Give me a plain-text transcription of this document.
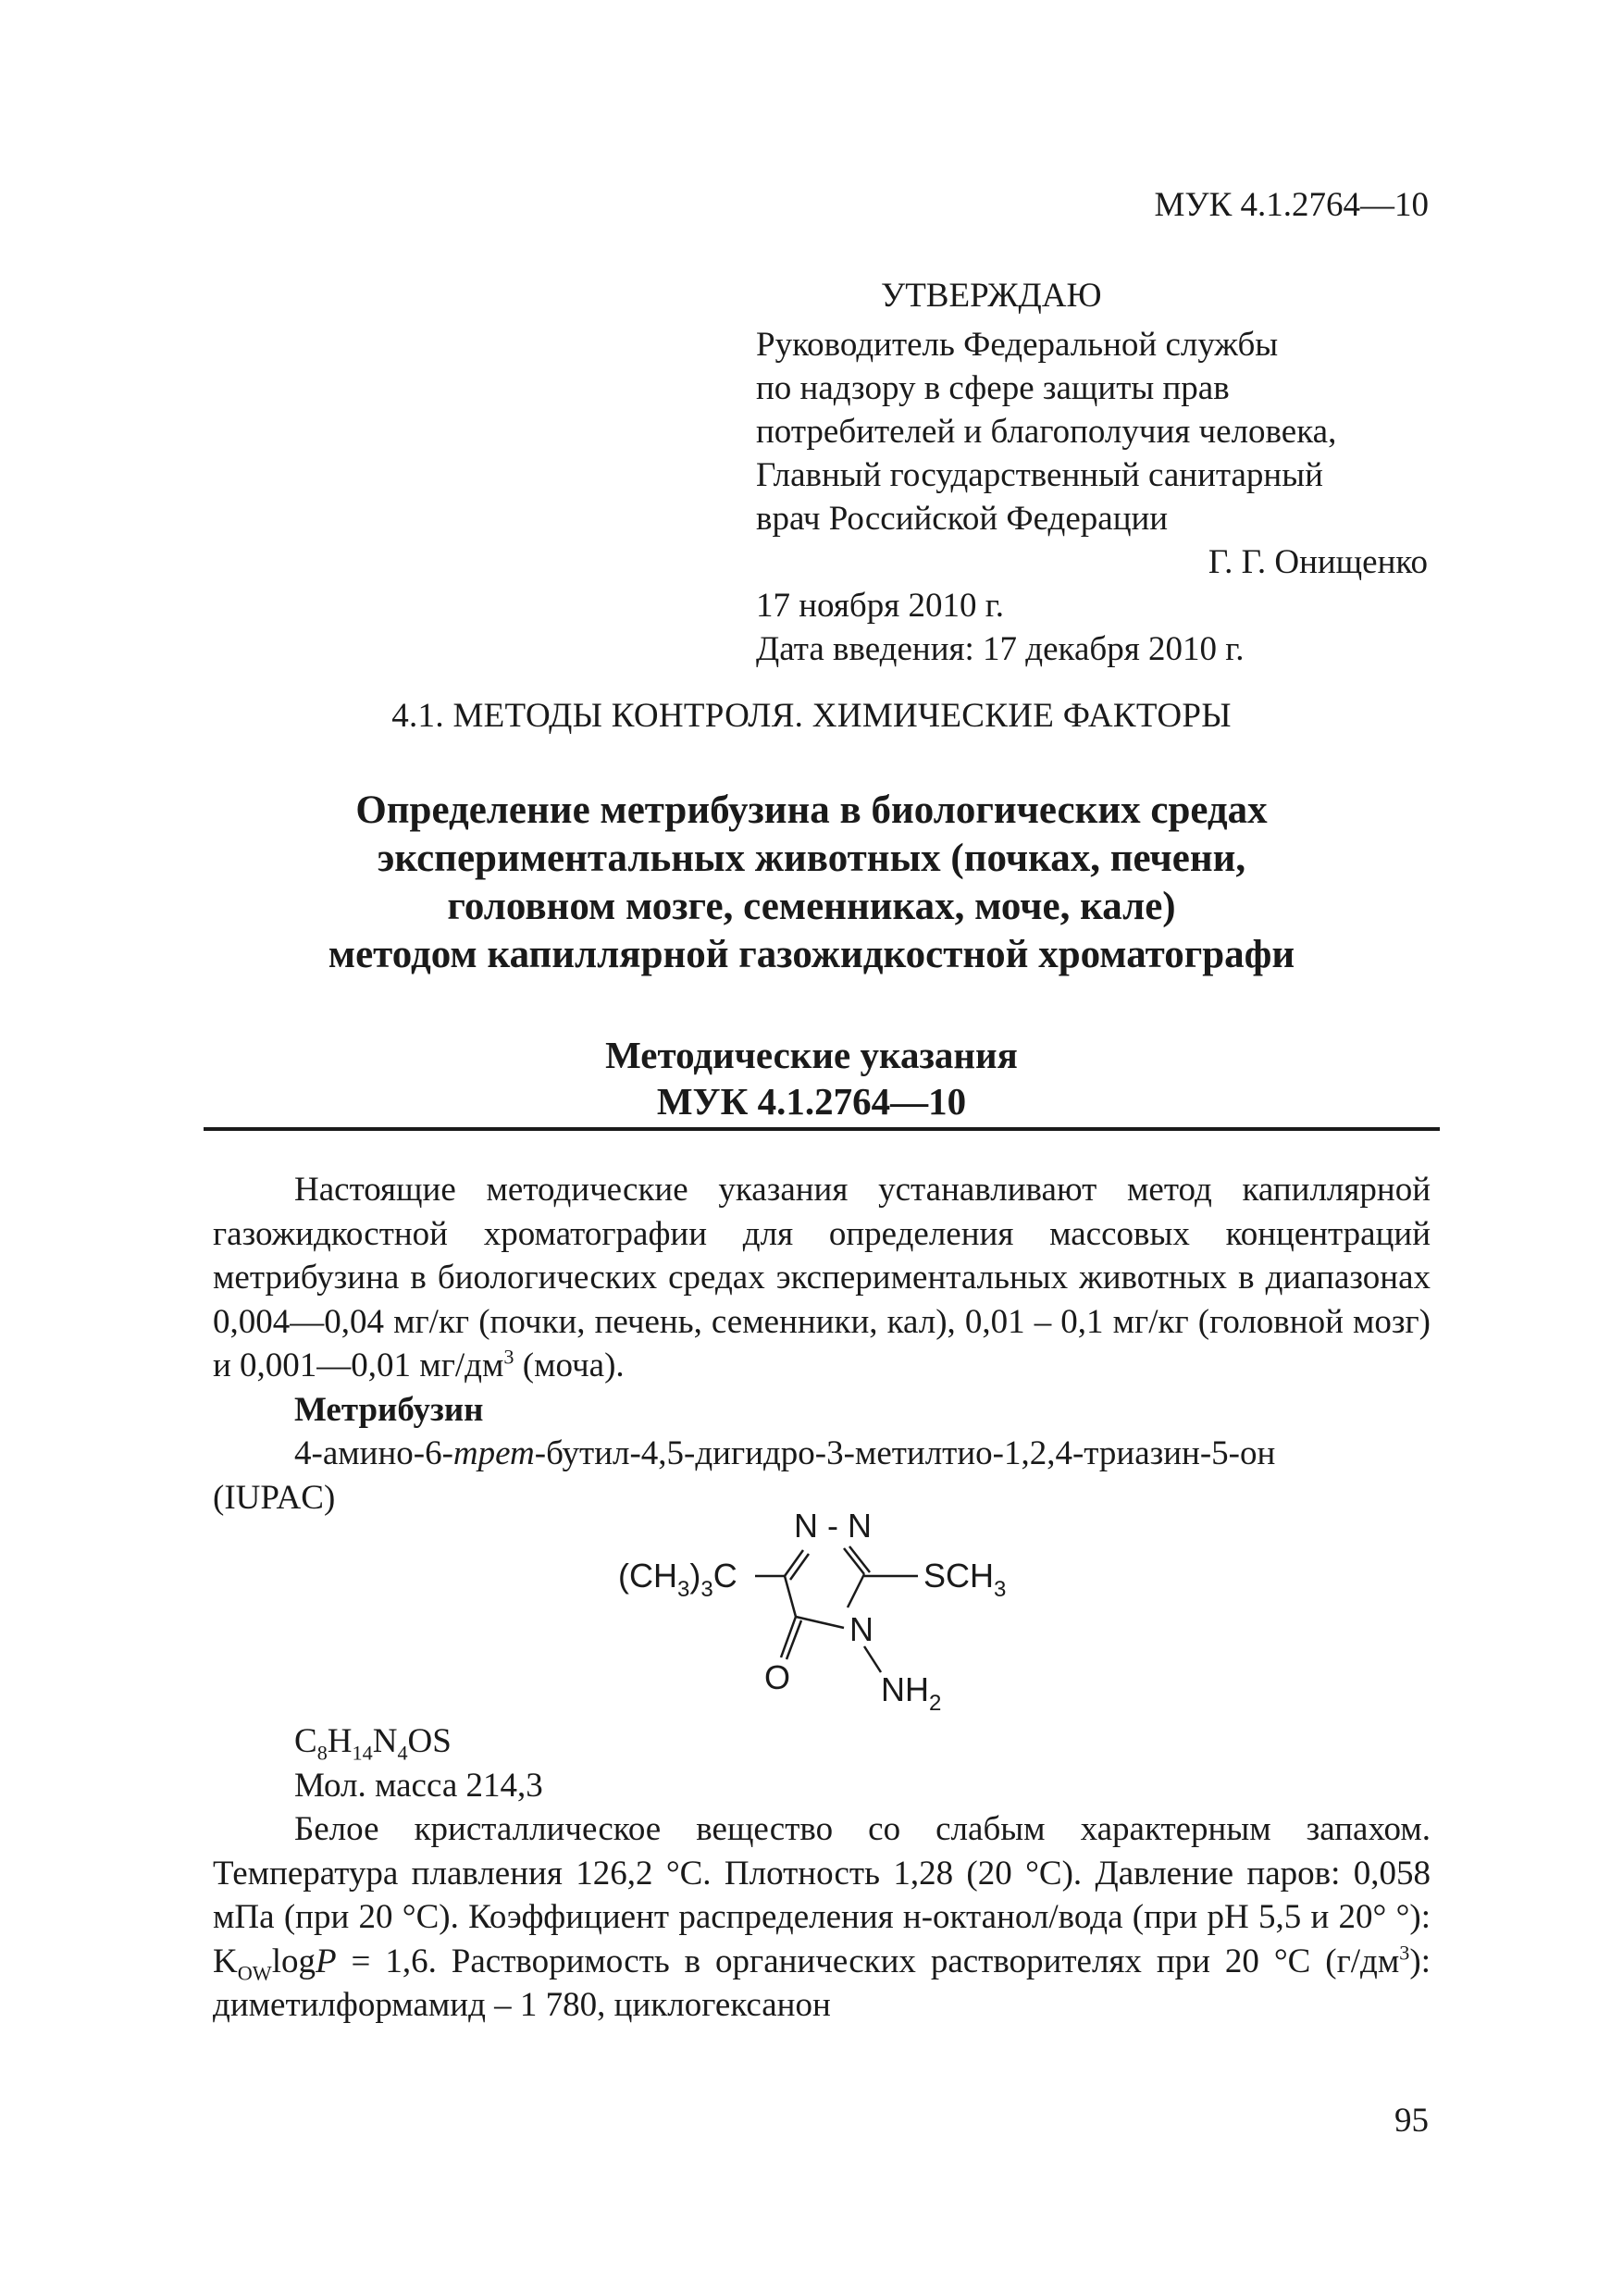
МУК 4.1.2764—10
УТВЕРЖДАЮ
Руководитель Федеральной службы
по надзору в сфере защиты прав
потребителей и благополучия человека,
Главный государственный санитарный
врач Российской Федерации
Г. Г. Онищенко
17 ноября 2010 г.
Дата введения: 17 декабря 2010 г.
4.1. МЕТОДЫ КОНТРОЛЯ. ХИМИЧЕСКИЕ ФАКТОРЫ
Определение метрибузина в биологических средах
экспериментальных животных (почках, печени,
головном мозге, семенниках, моче, кале)
методом капиллярной газожидкостной хроматографи
Методические указания
МУК 4.1.2764—10

Настоящие методические указания устанавливают метод капиллярной газожидкостной хроматографии для определения массовых концентраций метрибузина в биологических средах экспериментальных животных в диапазонах 0,004—0,04 мг/кг (почки, печень, семенники, кал), 0,01 – 0,1 мг/кг (головной мозг) и 0,001—0,01 $мг/дм^3$ (моча).

Метрибузин
4-амино-6-трет-бутил-4,5-дигидро-3-метилтио-1,2,4-триазин-5-он
(IUPAC)
N - N
$(CH_3)_3C$	$SCH_3$
N
O	$NH_2$
$C_8H_{14}N_4OS$
Мол. масса 214,3

Белое кристаллическое вещество со слабым характерным запахом. Температура плавления 126,2 °С. Плотность 1,28 (20 °С). Давление паров: 0,058 мПа (при 20 °С). Коэффициент распределения н-октанол/вода (при рН 5,5 и 20° °): $K_{OW}\log P = 1,6$. Растворимость в органических растворителях при 20 °С $(г/дм^3)$: диметилформамид – 1 780, циклогексанон

95
